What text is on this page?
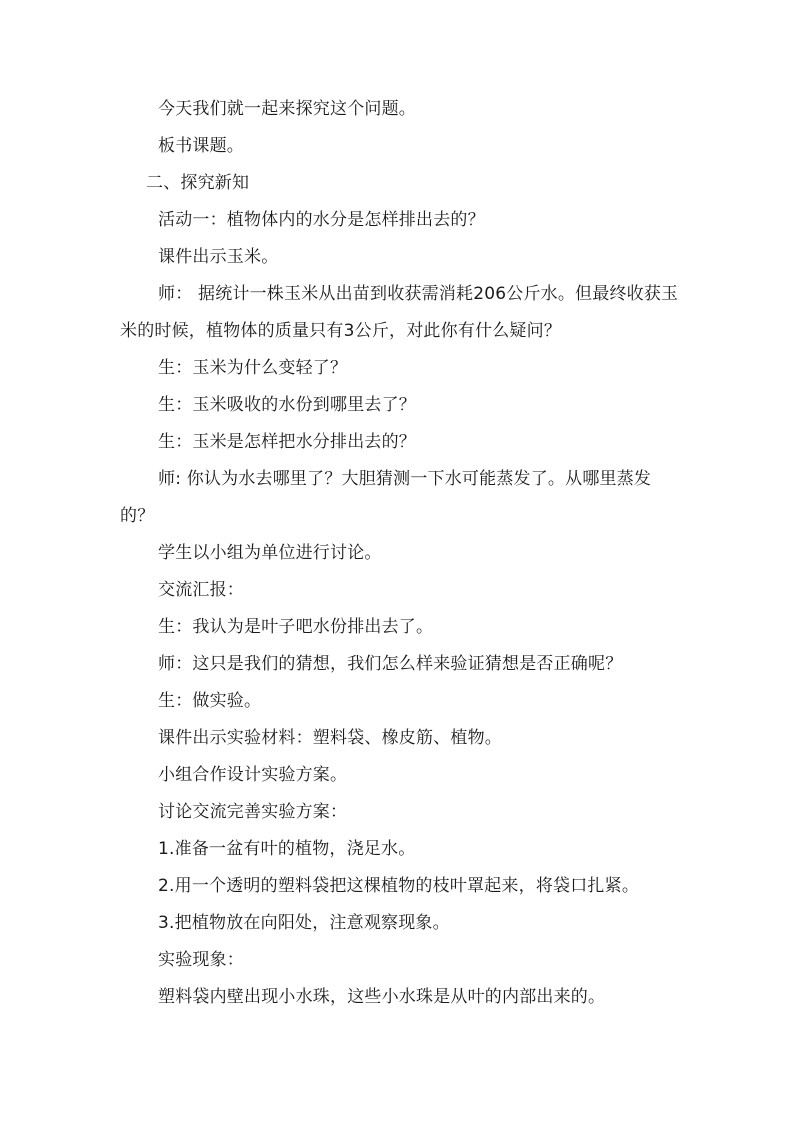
今天我们就一起来探究这个问题。

板书课题。

二、探究新知

活动一：植物体内的水分是怎样排出去的？

课件出示玉米。

师： 据统计一株玉米从出苗到收获需消耗206公斤水。但最终收获玉米的时候，植物体的质量只有3公斤，对此你有什么疑问？

生：玉米为什么变轻了？

生：玉米吸收的水份到哪里去了？

生：玉米是怎样把水分排出去的？

师: 你认为水去哪里了？大胆猜测一下水可能蒸发了。从哪里蒸发的？

学生以小组为单位进行讨论。

交流汇报：

生：我认为是叶子吧水份排出去了。

师：这只是我们的猜想，我们怎么样来验证猜想是否正确呢？

生：做实验。

课件出示实验材料：塑料袋、橡皮筋、植物。

小组合作设计实验方案。

讨论交流完善实验方案：

1.准备一盆有叶的植物，浇足水。

2.用一个透明的塑料袋把这棵植物的枝叶罩起来，将袋口扎紧。

3.把植物放在向阳处，注意观察现象。

实验现象：

塑料袋内壁出现小水珠，这些小水珠是从叶的内部出来的。
